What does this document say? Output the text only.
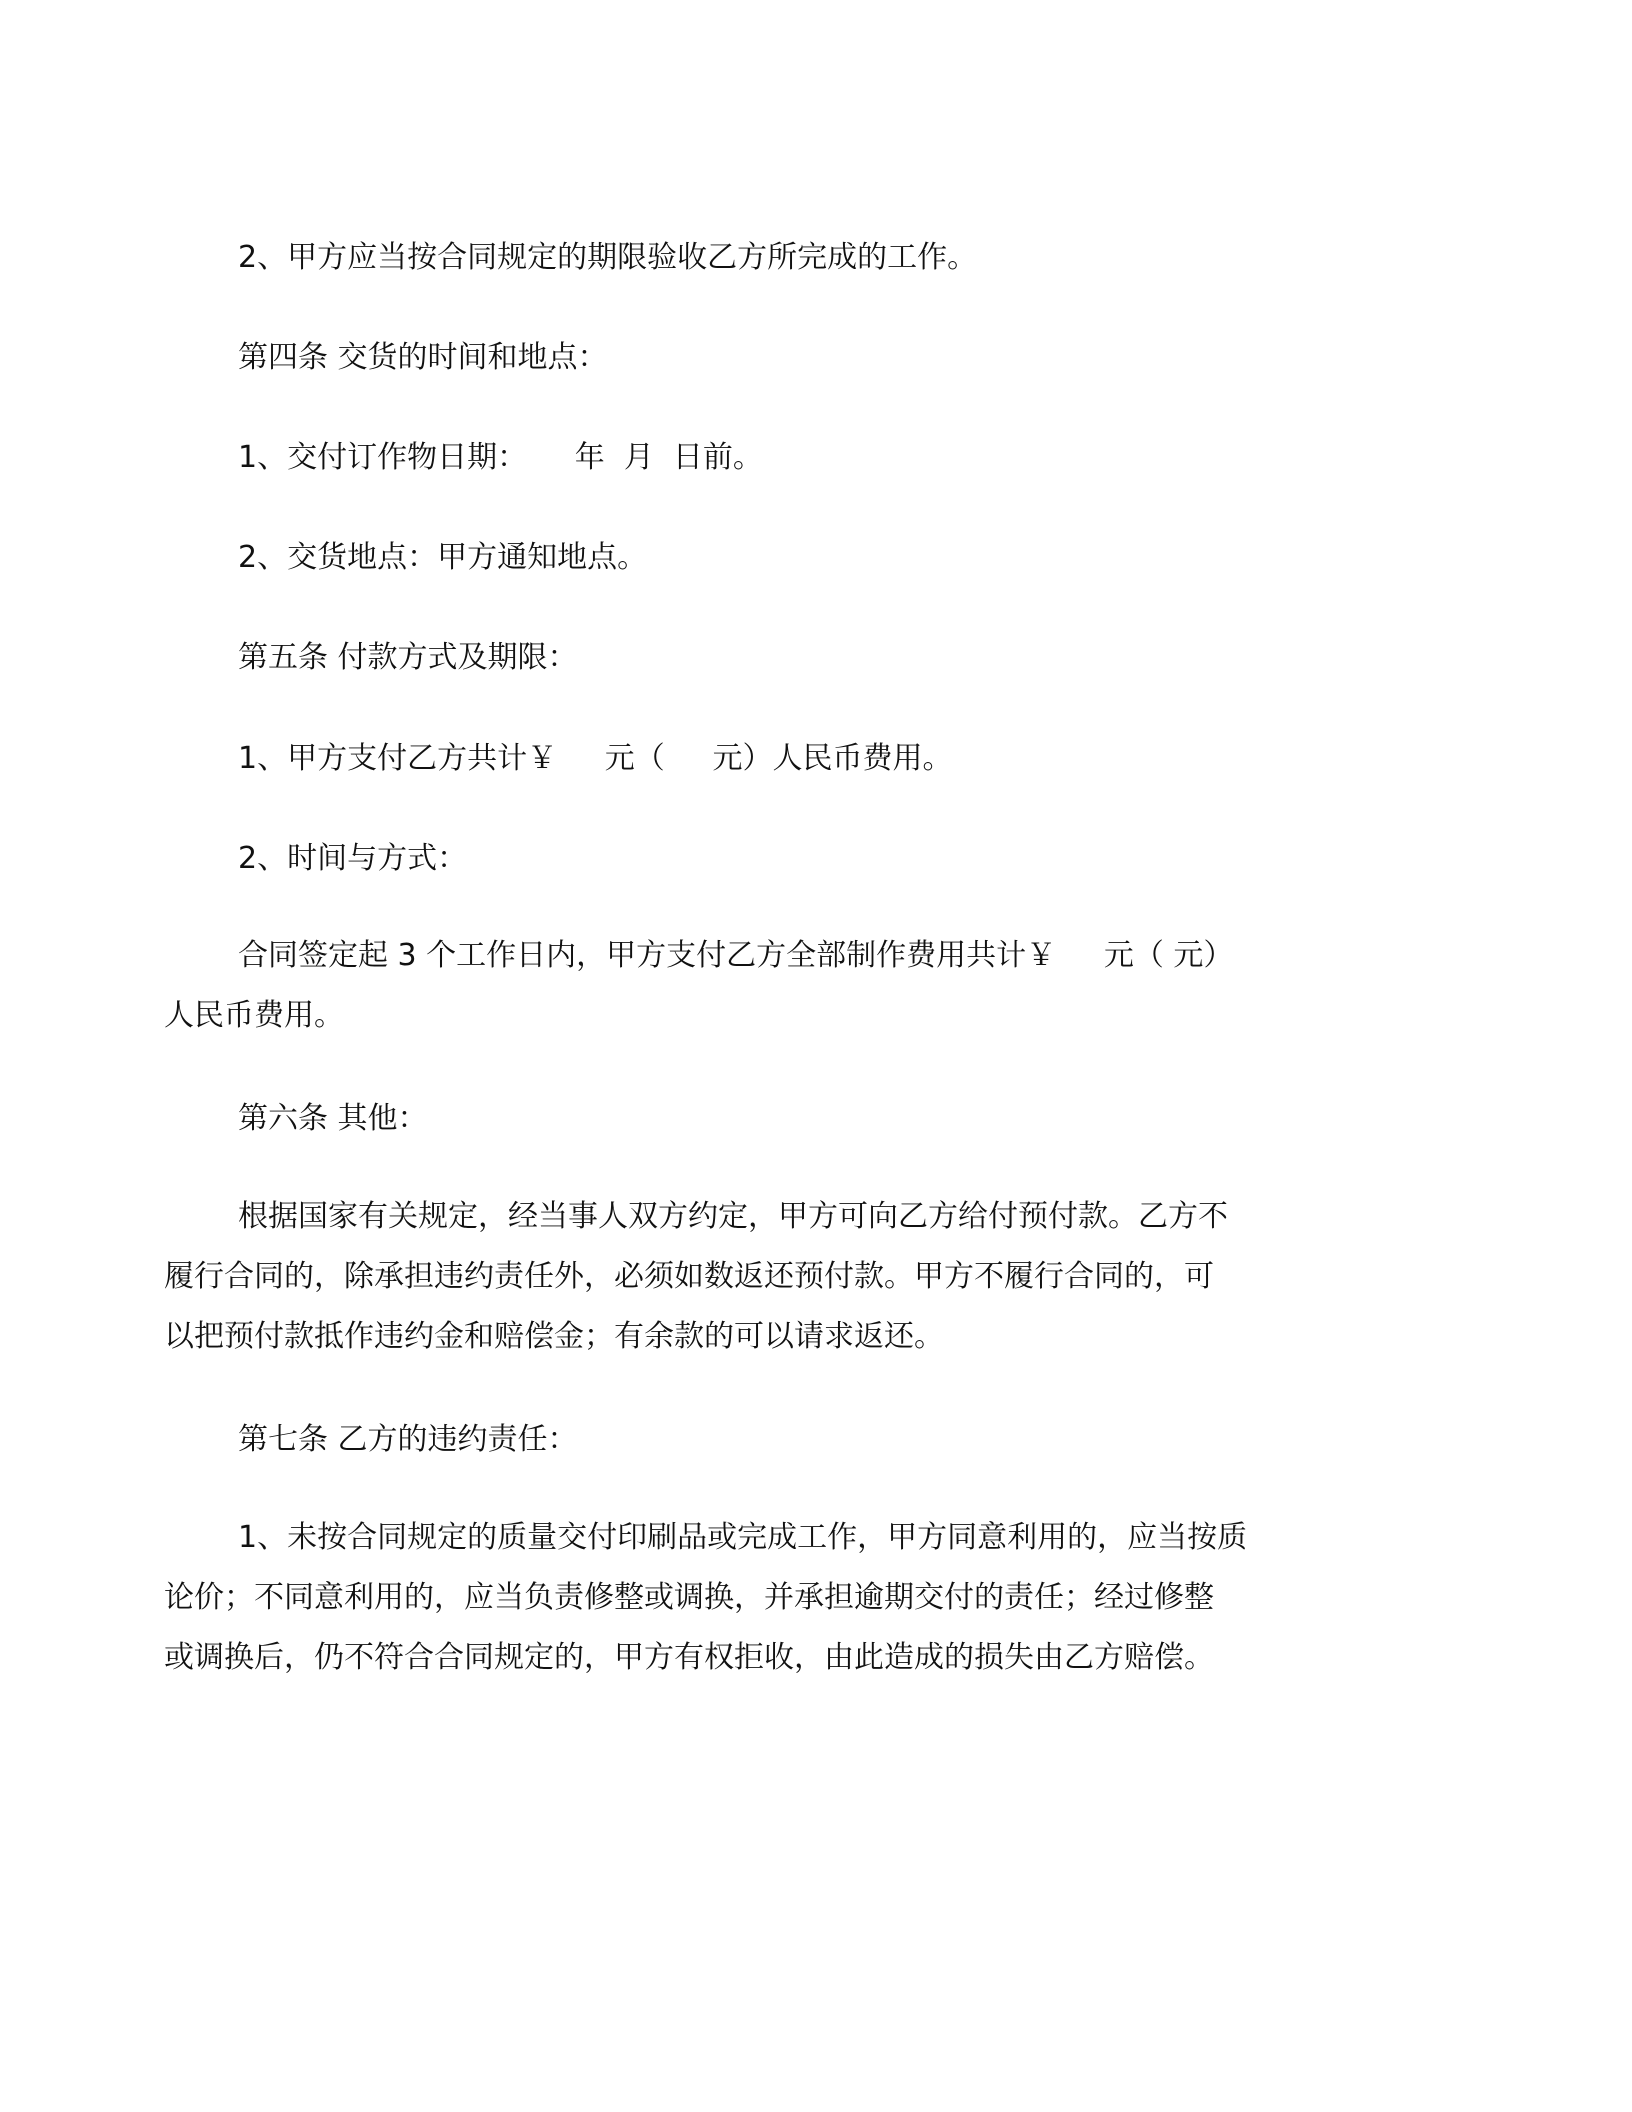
2、甲方应当按合同规定的期限验收乙方所完成的工作。

第四条 交货的时间和地点：

1、交付订作物日期：     年  月  日前。

2、交货地点：甲方通知地点。

第五条 付款方式及期限：

1、甲方支付乙方共计￥     元（     元）人民币费用。

2、时间与方式：

合同签定起 3 个工作日内，甲方支付乙方全部制作费用共计￥     元（ 元）
人民币费用。

第六条 其他：

根据国家有关规定，经当事人双方约定，甲方可向乙方给付预付款。乙方不
履行合同的，除承担违约责任外，必须如数返还预付款。甲方不履行合同的，可
以把预付款抵作违约金和赔偿金；有余款的可以请求返还。

第七条 乙方的违约责任：

1、未按合同规定的质量交付印刷品或完成工作，甲方同意利用的，应当按质
论价；不同意利用的，应当负责修整或调换，并承担逾期交付的责任；经过修整
或调换后，仍不符合合同规定的，甲方有权拒收，由此造成的损失由乙方赔偿。
